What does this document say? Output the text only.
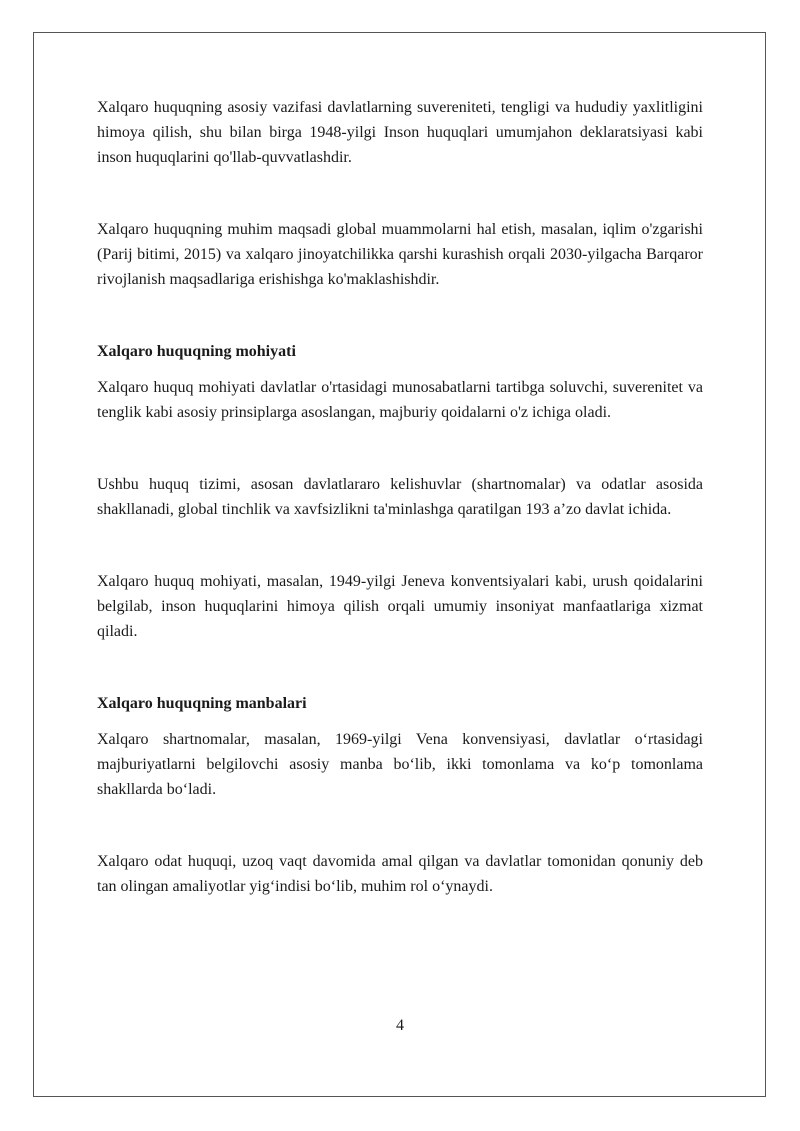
Xalqaro huquqning asosiy vazifasi davlatlarning suvereniteti, tengligi va hududiy yaxlitligini himoya qilish, shu bilan birga 1948-yilgi Inson huquqlari umumjahon deklaratsiyasi kabi inson huquqlarini qo'llab-quvvatlashdir.

Xalqaro huquqning muhim maqsadi global muammolarni hal etish, masalan, iqlim o'zgarishi (Parij bitimi, 2015) va xalqaro jinoyatchilikka qarshi kurashish orqali 2030-yilgacha Barqaror rivojlanish maqsadlariga erishishga ko'maklashishdir.

Xalqaro huquqning mohiyati

Xalqaro huquq mohiyati davlatlar o'rtasidagi munosabatlarni tartibga soluvchi, suverenitet va tenglik kabi asosiy prinsiplarga asoslangan, majburiy qoidalarni o'z ichiga oladi.

Ushbu huquq tizimi, asosan davlatlararo kelishuvlar (shartnomalar) va odatlar asosida shakllanadi, global tinchlik va xavfsizlikni ta'minlashga qaratilgan 193 a’zo davlat ichida.

Xalqaro huquq mohiyati, masalan, 1949-yilgi Jeneva konventsiyalari kabi, urush qoidalarini belgilab, inson huquqlarini himoya qilish orqali umumiy insoniyat manfaatlariga xizmat qiladi.

Xalqaro huquqning manbalari

Xalqaro shartnomalar, masalan, 1969-yilgi Vena konvensiyasi, davlatlar o‘rtasidagi majburiyatlarni belgilovchi asosiy manba bo‘lib, ikki tomonlama va ko‘p tomonlama shakllarda bo‘ladi.

Xalqaro odat huquqi, uzoq vaqt davomida amal qilgan va davlatlar tomonidan qonuniy deb tan olingan amaliyotlar yig‘indisi bo‘lib, muhim rol o‘ynaydi.

4
